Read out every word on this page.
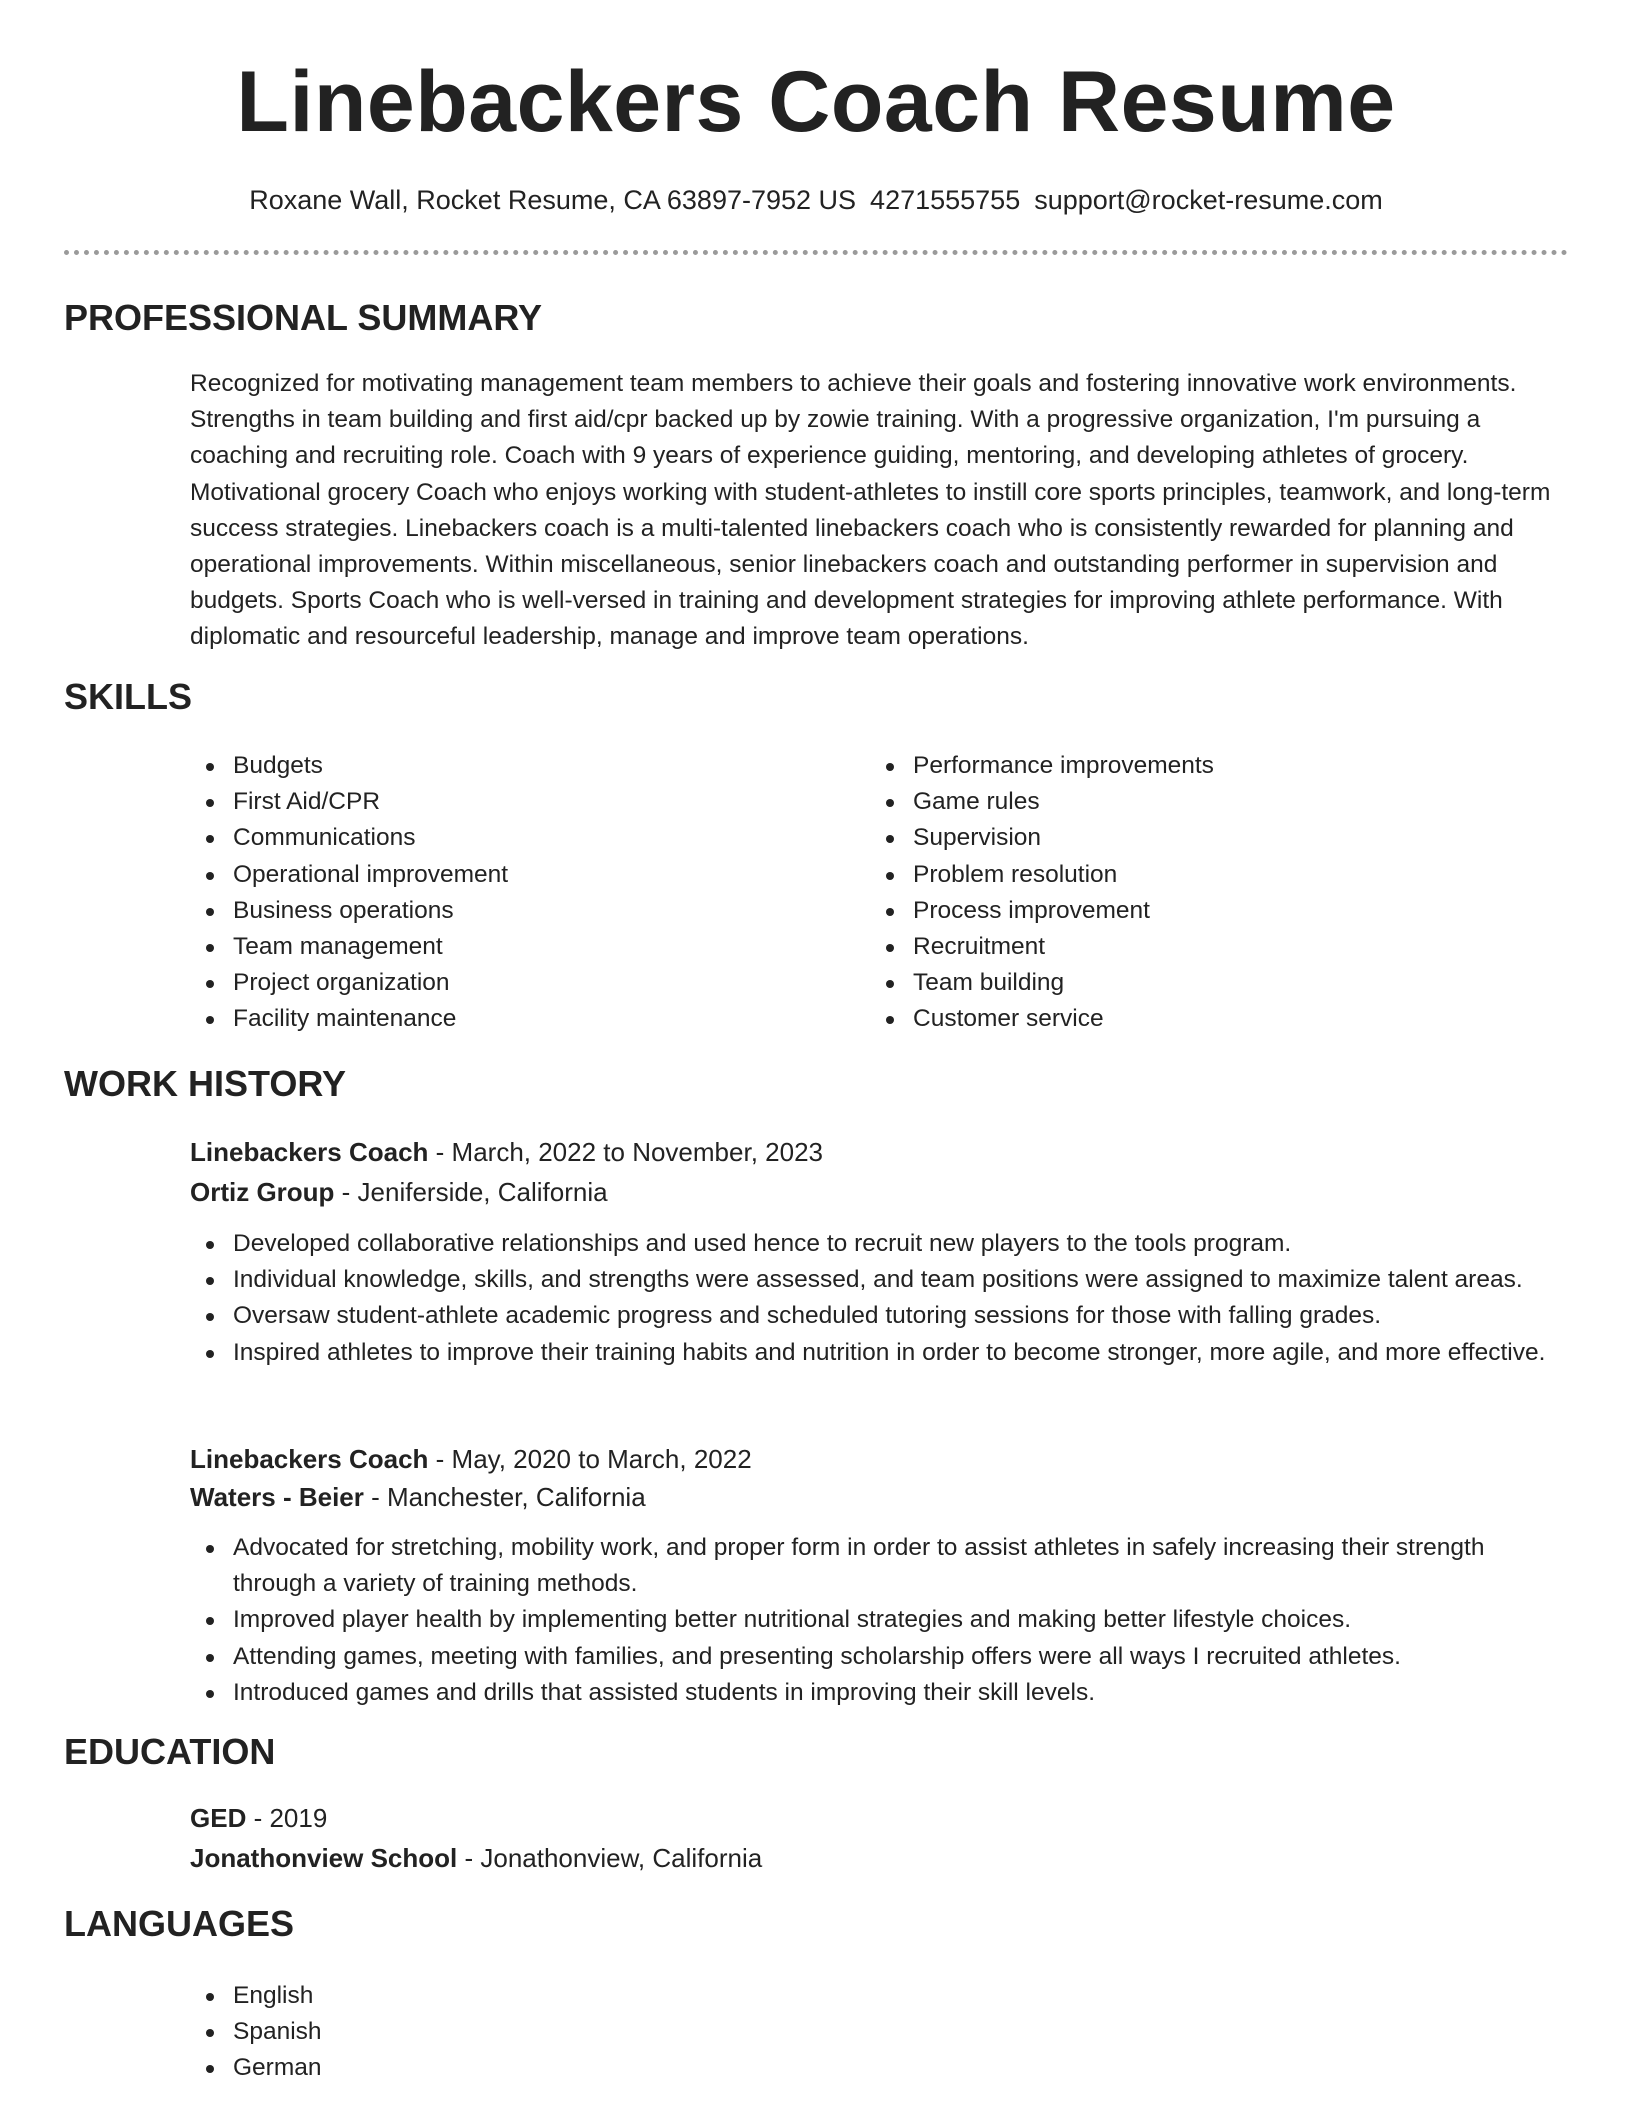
Linebackers Coach Resume
Roxane Wall, Rocket Resume, CA 63897-7952 US 4271555755 support@rocket-resume.com
PROFESSIONAL SUMMARY
Recognized for motivating management team members to achieve their goals and fostering innovative work environments. Strengths in team building and first aid/cpr backed up by zowie training. With a progressive organization, I'm pursuing a coaching and recruiting role. Coach with 9 years of experience guiding, mentoring, and developing athletes of grocery. Motivational grocery Coach who enjoys working with student-athletes to instill core sports principles, teamwork, and long-term success strategies. Linebackers coach is a multi-talented linebackers coach who is consistently rewarded for planning and operational improvements. Within miscellaneous, senior linebackers coach and outstanding performer in supervision and budgets. Sports Coach who is well-versed in training and development strategies for improving athlete performance. With diplomatic and resourceful leadership, manage and improve team operations.
SKILLS
Budgets
First Aid/CPR
Communications
Operational improvement
Business operations
Team management
Project organization
Facility maintenance
Performance improvements
Game rules
Supervision
Problem resolution
Process improvement
Recruitment
Team building
Customer service
WORK HISTORY
Linebackers Coach - March, 2022 to November, 2023
Ortiz Group - Jeniferside, California
Developed collaborative relationships and used hence to recruit new players to the tools program.
Individual knowledge, skills, and strengths were assessed, and team positions were assigned to maximize talent areas.
Oversaw student-athlete academic progress and scheduled tutoring sessions for those with falling grades.
Inspired athletes to improve their training habits and nutrition in order to become stronger, more agile, and more effective.
Linebackers Coach - May, 2020 to March, 2022
Waters - Beier - Manchester, California
Advocated for stretching, mobility work, and proper form in order to assist athletes in safely increasing their strength through a variety of training methods.
Improved player health by implementing better nutritional strategies and making better lifestyle choices.
Attending games, meeting with families, and presenting scholarship offers were all ways I recruited athletes.
Introduced games and drills that assisted students in improving their skill levels.
EDUCATION
GED - 2019
Jonathonview School - Jonathonview, California
LANGUAGES
English
Spanish
German
